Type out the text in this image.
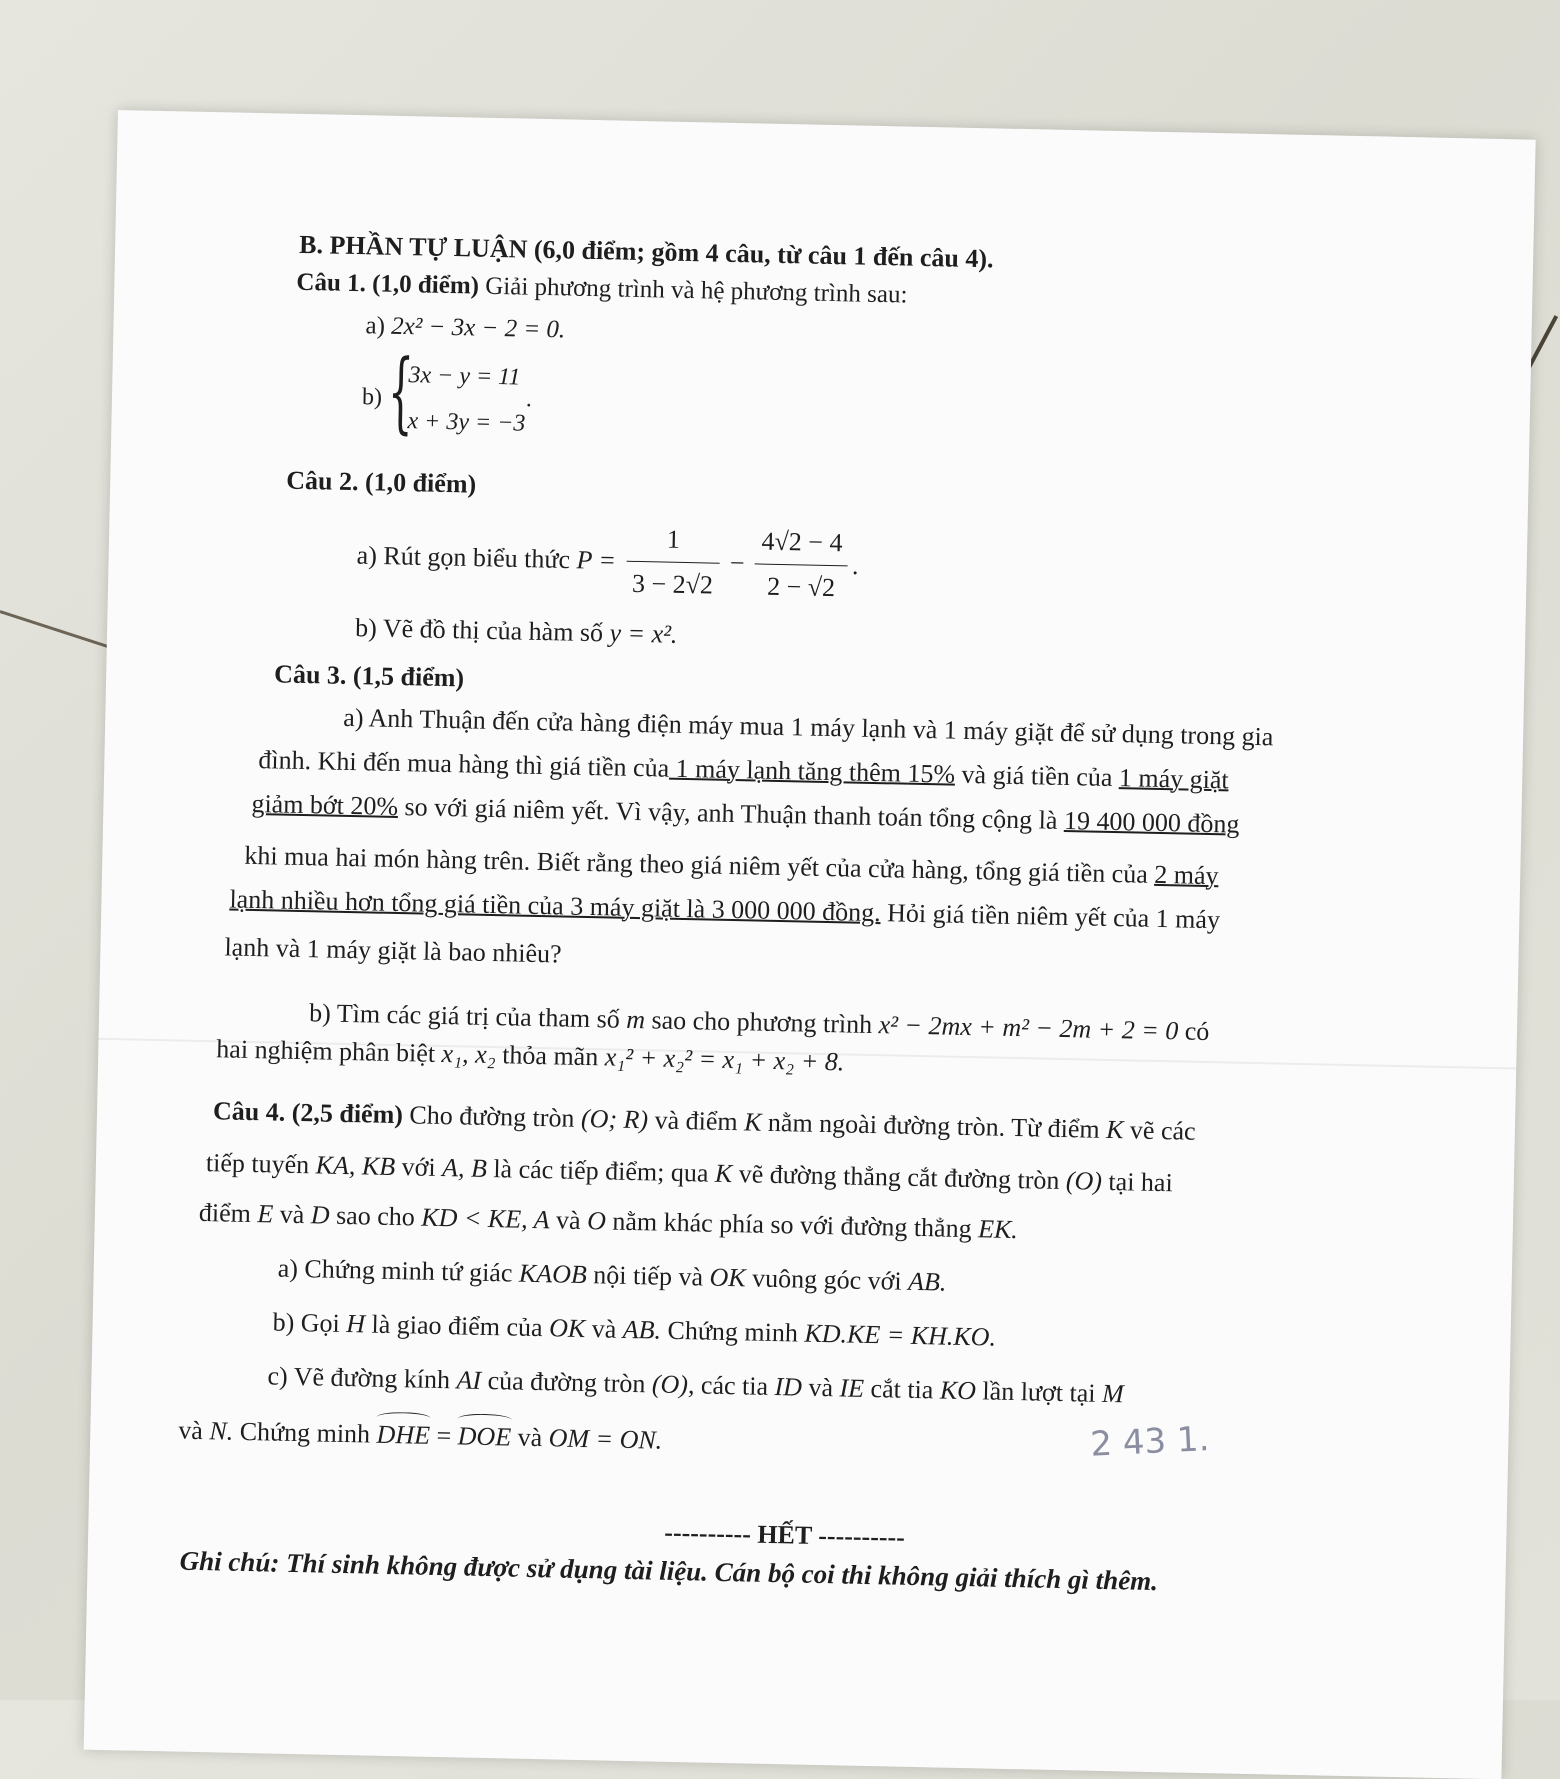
B. PHẦN TỰ LUẬN (6,0 điểm; gồm 4 câu, từ câu 1 đến câu 4).
Câu 1. (1,0 điểm) Giải phương trình và hệ phương trình sau:
a) 2x² − 3x − 2 = 0.
b) {
3x − y = 11
x + 3y = −3
.
Câu 2. (1,0 điểm)
a) Rút gọn biểu thức $P = \frac{1}{3 - 2√2} - \frac{4√2 - 4}{2 - √2}$ .
b) Vẽ đồ thị của hàm số y = x².
Câu 3. (1,5 điểm)
a) Anh Thuận đến cửa hàng điện máy mua 1 máy lạnh và 1 máy giặt để sử dụng trong gia
đình. Khi đến mua hàng thì giá tiền của 1 máy lạnh tăng thêm 15% và giá tiền của 1 máy giặt
giảm bớt 20% so với giá niêm yết. Vì vậy, anh Thuận thanh toán tổng cộng là 19 400 000 đồng
khi mua hai món hàng trên. Biết rằng theo giá niêm yết của cửa hàng, tổng giá tiền của 2 máy
lạnh nhiều hơn tổng giá tiền của 3 máy giặt là 3 000 000 đồng. Hỏi giá tiền niêm yết của 1 máy
lạnh và 1 máy giặt là bao nhiêu?
b) Tìm các giá trị của tham số m sao cho phương trình x² − 2mx + m² − 2m + 2 = 0 có
hai nghiệm phân biệt x₁, x₂ thỏa mãn x₁² + x₂² = x₁ + x₂ + 8.
Câu 4. (2,5 điểm) Cho đường tròn (O; R) và điểm K nằm ngoài đường tròn. Từ điểm K vẽ các
tiếp tuyến KA, KB với A, B là các tiếp điểm; qua K vẽ đường thẳng cắt đường tròn (O) tại hai
điểm E và D sao cho KD < KE, A và O nằm khác phía so với đường thẳng EK.
a) Chứng minh tứ giác KAOB nội tiếp và OK vuông góc với AB.
b) Gọi H là giao điểm của OK và AB. Chứng minh KD.KE = KH.KO.
c) Vẽ đường kính AI của đường tròn (O), các tia ID và IE cắt tia KO lần lượt tại M
và N. Chứng minh DHE = DOE và OM = ON.	2 43 1.
---------- HẾT ----------
Ghi chú: Thí sinh không được sử dụng tài liệu. Cán bộ coi thi không giải thích gì thêm.
